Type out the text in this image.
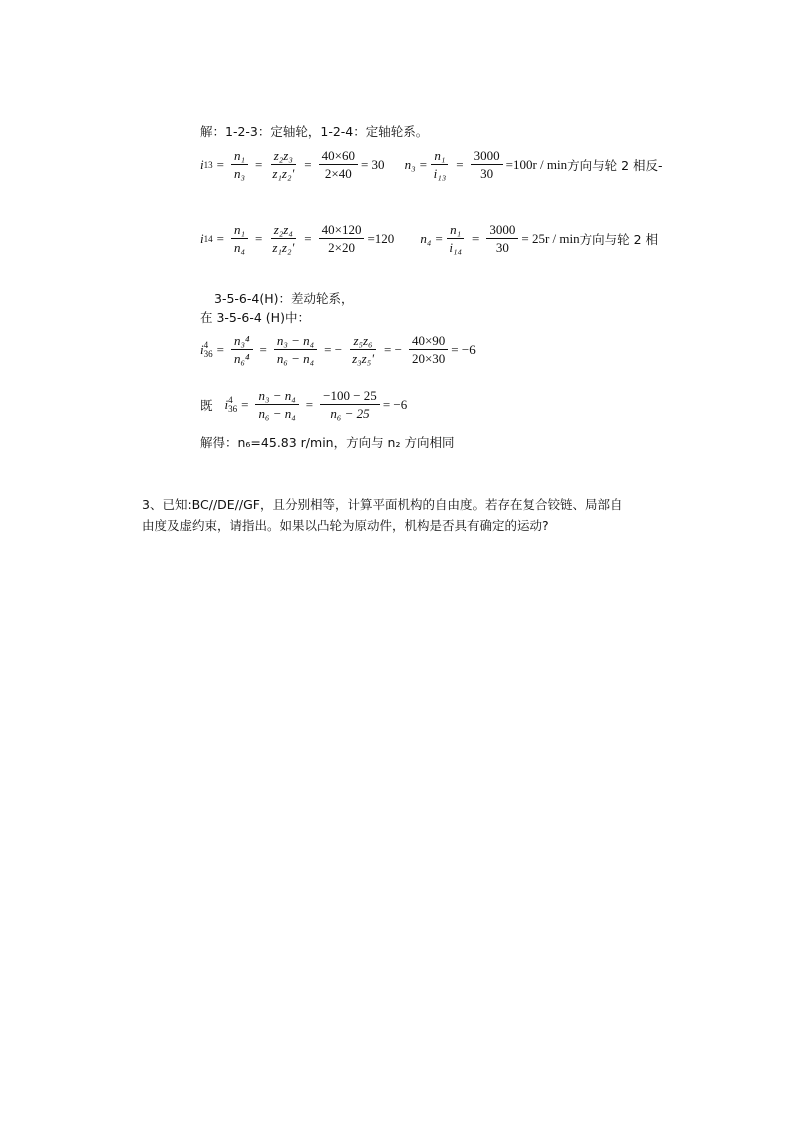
解：1-2-3：定轴轮，1-2-4：定轴轮系。
i $13 = \frac{\text{n₁}}{\text{n₃}} = \frac{\text{z₂z₃}}{\text{z₁z₂'}} = \frac{40\times 60}{2\times 40} = 30$ $n_3 = \frac{\text{n₁}}{\text{i₁₃}} = \frac{3000}{30} =100r / \min$ 方向与轮 2 相反-
i $14 = \frac{\text{n₁}}{\text{n₄}} = \frac{\text{z₂z₄}}{\text{z₁z₂'}} = \frac{40\times 120}{2\times 20} =120$ $n_4 = \frac{\text{n₁}}{\text{i₁₄}} = \frac{3000}{30} = 25r / \min$ 方向与轮 2 相
3-5-6-4(H)：差动轮系，
在 3-5-6-4 (H)中：
i 4
$36 = \frac{\text{n₃⁴}}{\text{n₆⁴}} = \frac{\text{n₃ − n₄}}{\text{n₆ − n₄}}$ = − $\frac{\text{z₅z₆}}{\text{z₃z₅'}}$ = − $\frac{40\times 90}{20\times 30} = -6$
既 i 4
$36 = \frac{\text{n₃ − n₄}}{\text{n₆ − n₄}} = \frac{-100 - 25}{\text{n₆ − 25}} = -6$
解得：n₆=45.83 r/min，方向与 n₂ 方向相同
3、已知:BC//DE//GF，且分别相等，计算平面机构的自由度。若存在复合铰链、局部自
由度及虚约束，请指出。如果以凸轮为原动件，机构是否具有确定的运动?
